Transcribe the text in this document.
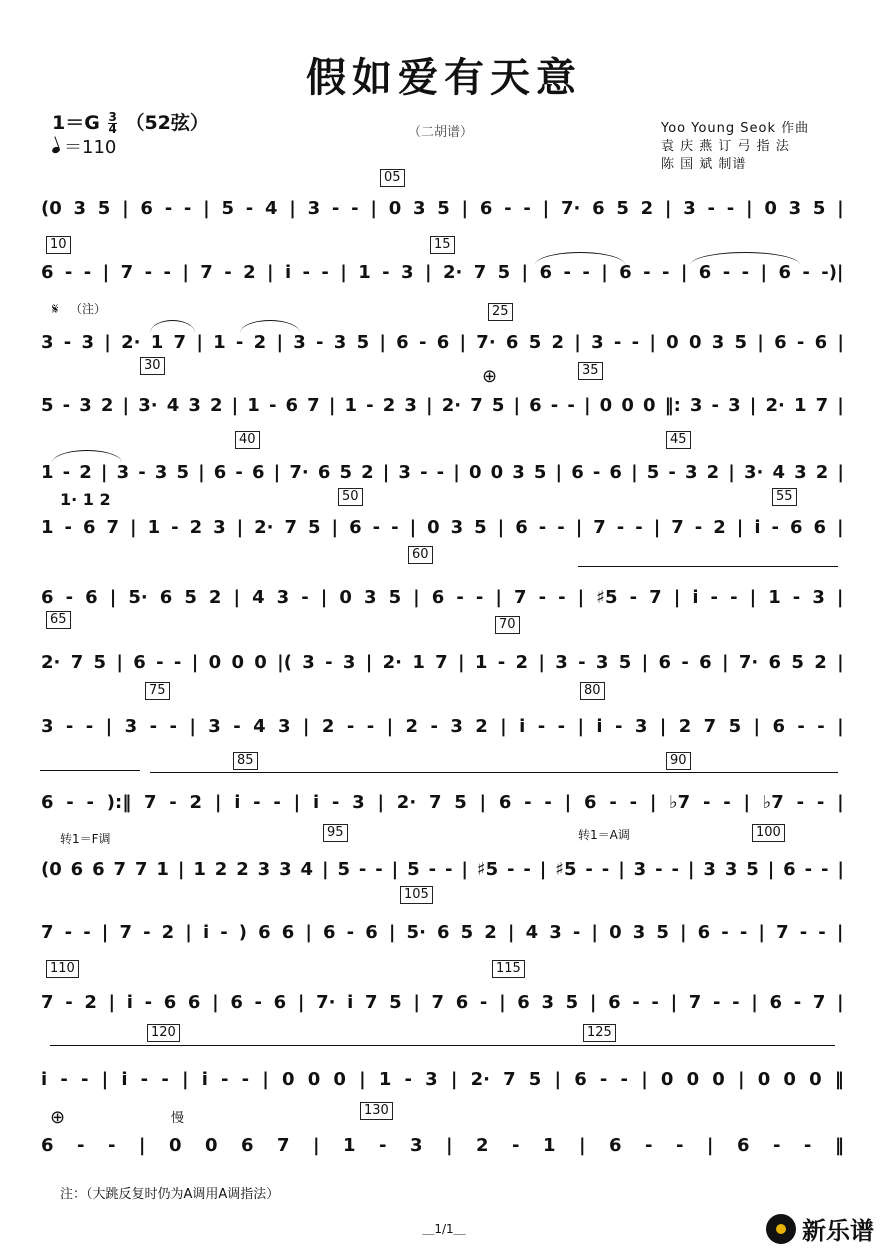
假如爱有天意
$1=G \frac{3}{4} (52$弦）
＝110
（二胡谱）	Yoo Young Seok 作曲
袁 庆 燕 订 弓 指 法
陈 国 斌 制谱
(0 3 5 | 6 - - | 5 - 4 | 3 - - | 0 3 5 | 6 - - | 7· 6 5 2 | 3 - - | 0 3 5 |
05
6 - - | 7 - - | 7 - 2 | i - - | 1 - 3 | 2· 7 5 | 6 - - | 6 - - | 6 - - | 6 - -)|
10	15
𝄋 （注）
3 - 3 | 2· 1 7 | 1 - 2 | 3 - 3 5 | 6 - 6 | 7· 6 5 2 | 3 - - | 0 0 3 5 | 6 - 6 |
25
5 - 3 2 | 3· 4 3 2 | 1 - 6 7 | 1 - 2 3 | 2· 7 5 | 6 - - | 0 0 0 ‖: 3 - 3 | 2· 1 7 |
30	35
⊕
1 - 2 | 3 - 3 5 | 6 - 6 | 7· 6 5 2 | 3 - - | 0 0 3 5 | 6 - 6 | 5 - 3 2 | 3· 4 3 2 |
40	45
1· 1 2
1 - 6 7 | 1 - 2 3 | 2· 7 5 | 6 - - | 0 3 5 | 6 - - | 7 - - | 7 - 2 | i - 6 6 |
50	55
6 - 6 | 5· 6 5 2 | 4 3 - | 0 3 5 | 6 - - | 7 - - | ♯5 - 7 | i - - | 1 - 3 |
60
2· 7 5 | 6 - - | 0 0 0 |( 3 - 3 | 2· 1 7 | 1 - 2 | 3 - 3 5 | 6 - 6 | 7· 6 5 2 |
65	70
3 - - | 3 - - | 3 - 4 3 | 2 - - | 2 - 3 2 | i - - | i - 3 | 2 7 5 | 6 - - |
75	80
6 - - ):‖ 7 - 2 | i - - | i - 3 | 2· 7 5 | 6 - - | 6 - - | ♭7 - - | ♭7 - - |
85	90
转1＝F调	转1＝A调
(0 6 6 7 7 1 | 1 2 2 3 3 4 | 5 - - | 5 - - | ♯5 - - | ♯5 - - | 3 - - | 3 3 5 | 6 - - |
95	100
7 - - | 7 - 2 | i - ) 6 6 | 6 - 6 | 5· 6 5 2 | 4 3 - | 0 3 5 | 6 - - | 7 - - |
105
7 - 2 | i - 6 6 | 6 - 6 | 7· i 7 5 | 7 6 - | 6 3 5 | 6 - - | 7 - - | 6 - 7 |
110	115
i - - | i - - | i - - | 0 0 0 | 1 - 3 | 2· 7 5 | 6 - - | 0 0 0 | 0 0 0 ‖
120	125
⊕	慢
6 - - | 0 0 6 7 | 1 - 3 | 2 - 1 | 6 - - | 6 - - ‖
130
注：（大跳反复时仍为A调用A调指法）
＿1/1＿	新乐谱
